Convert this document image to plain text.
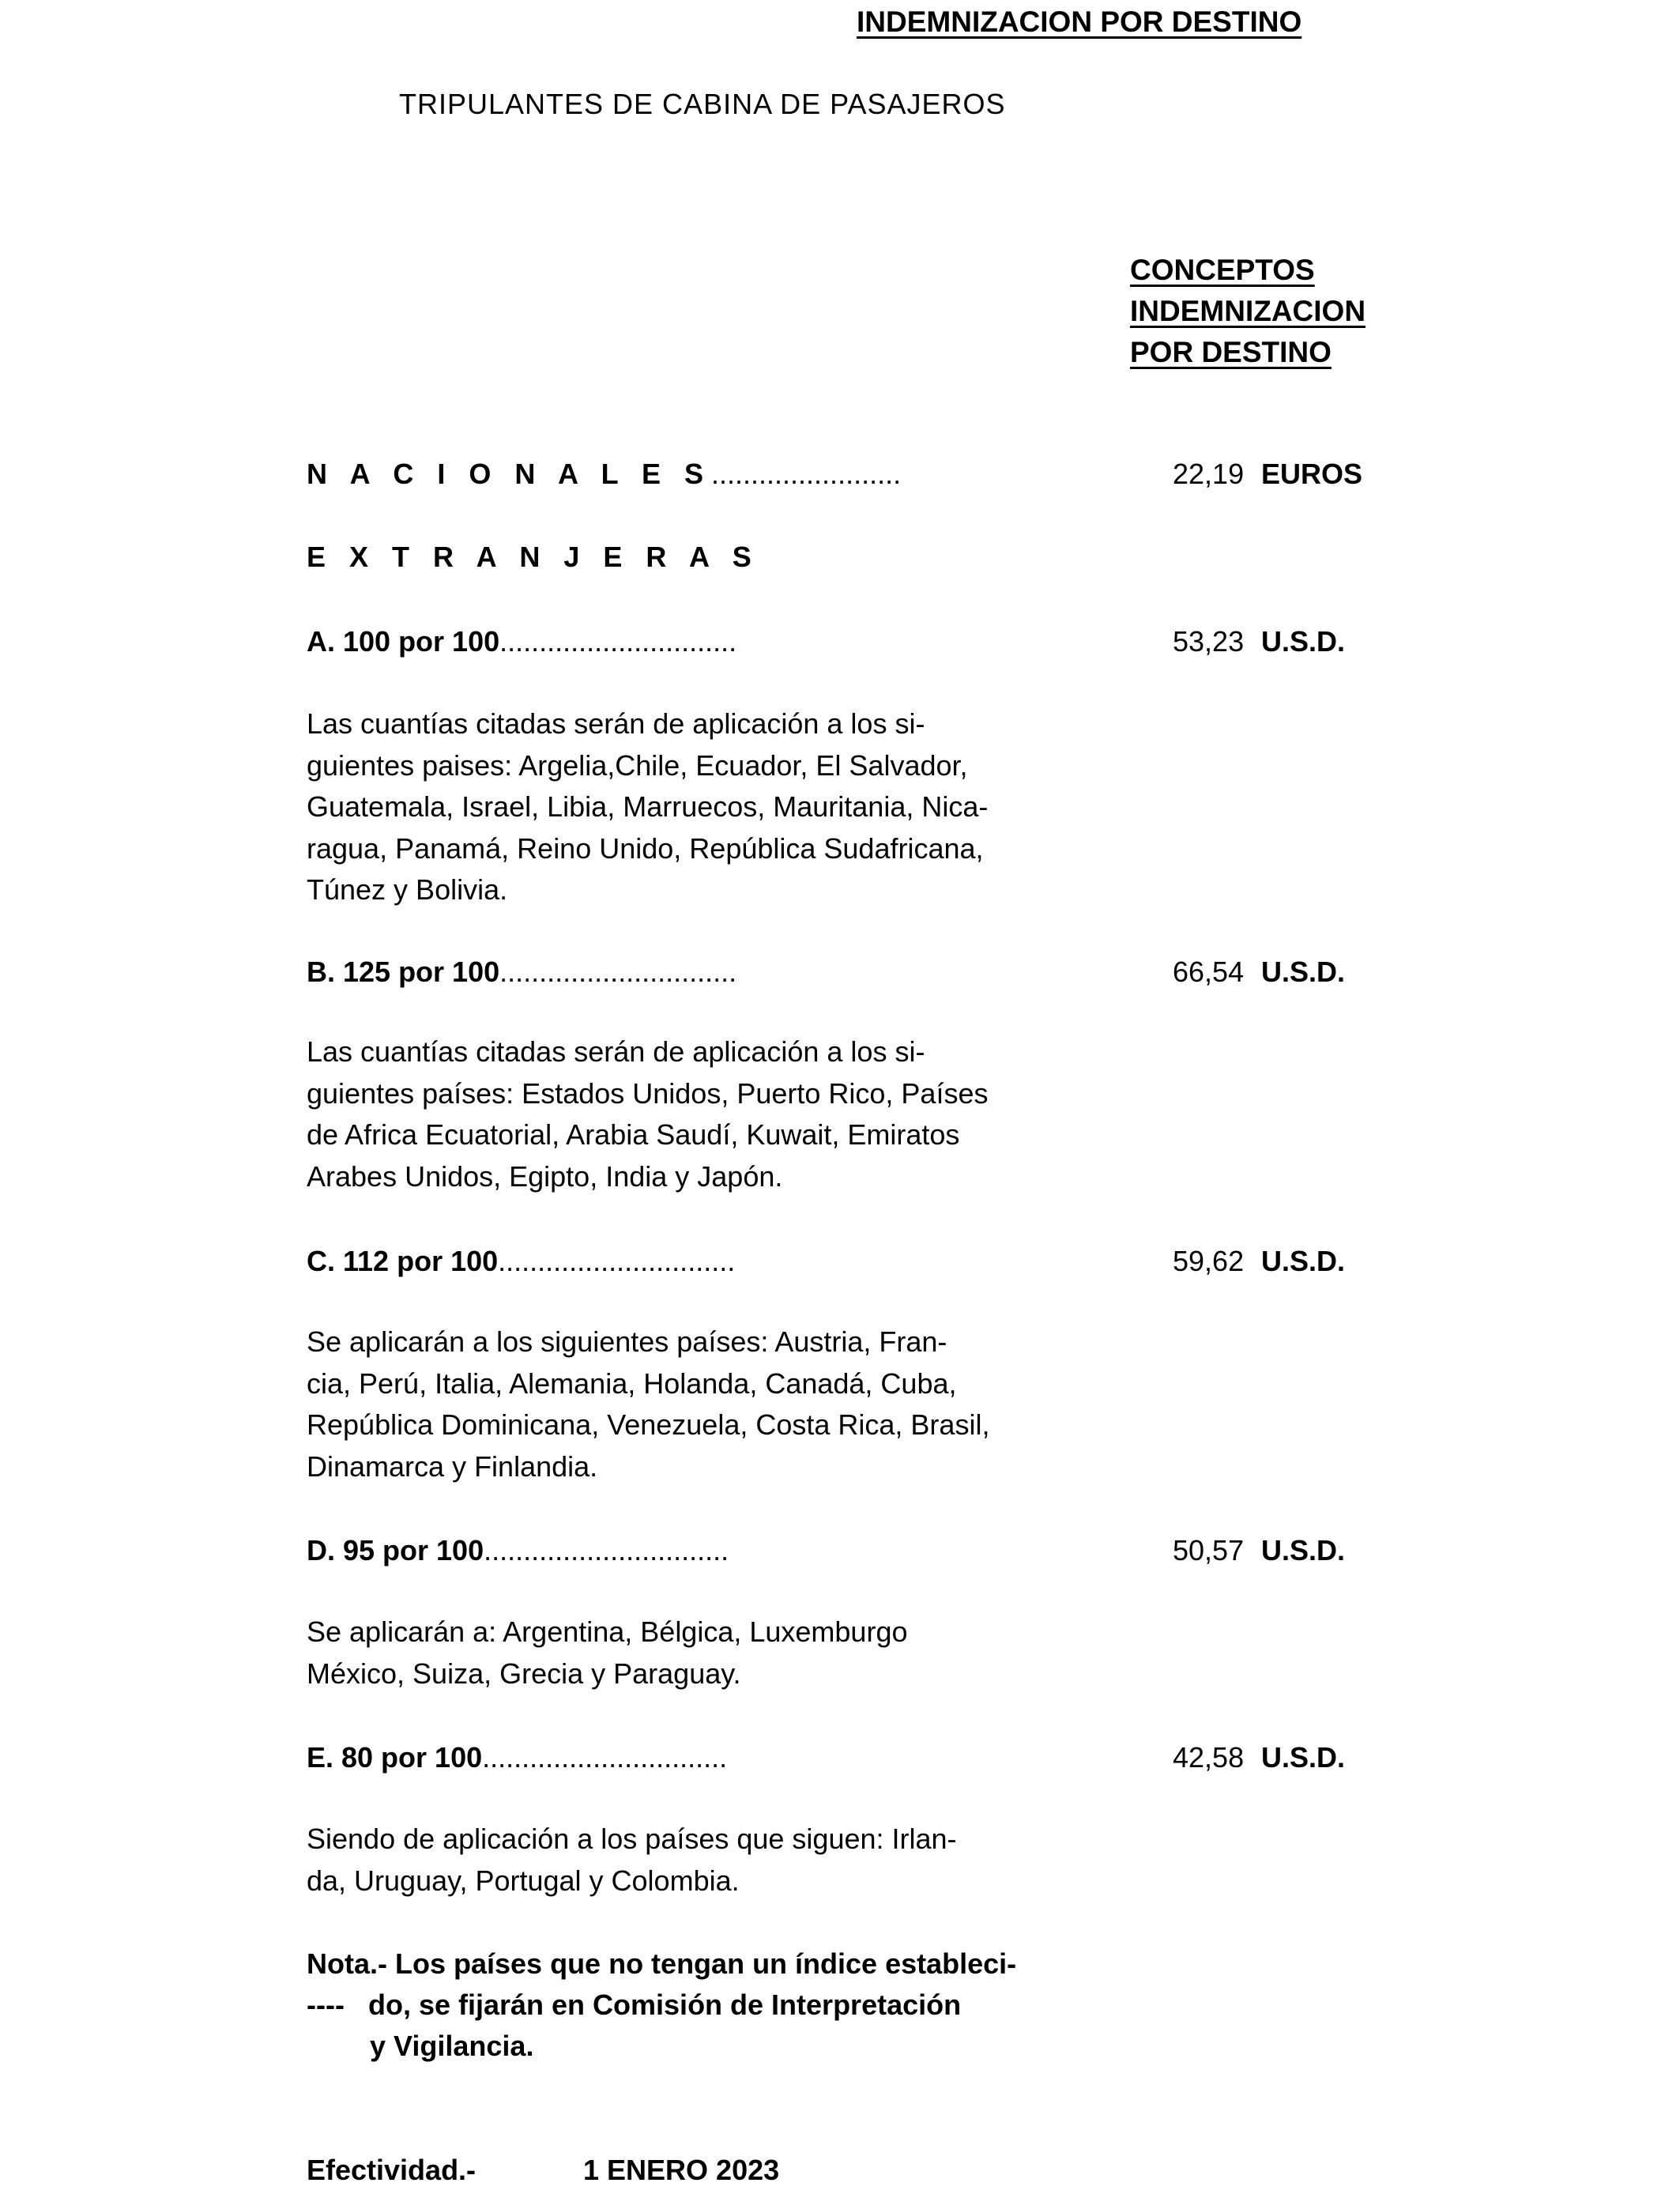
INDEMNIZACION POR DESTINO
TRIPULANTES DE CABINA DE PASAJEROS
CONCEPTOS
INDEMNIZACION
POR DESTINO
N A C I O N A L E S........................	22,19 EUROS
E X T R A N J E R A S
A. 100 por 100..............................	53,23 U.S.D.
Las cuantías citadas serán de aplicación a los si-
guientes paises: Argelia,Chile, Ecuador, El Salvador,
Guatemala, Israel, Libia, Marruecos, Mauritania, Nica-
ragua, Panamá, Reino Unido, República Sudafricana,
Túnez y Bolivia.
B. 125 por 100..............................	66,54 U.S.D.
Las cuantías citadas serán de aplicación a los si-
guientes países: Estados Unidos, Puerto Rico, Países
de Africa Ecuatorial, Arabia Saudí, Kuwait, Emiratos
Arabes Unidos, Egipto, India y Japón.
C. 112 por 100..............................	59,62 U.S.D.
Se aplicarán a los siguientes países: Austria, Fran-
cia, Perú, Italia, Alemania, Holanda, Canadá, Cuba,
República Dominicana, Venezuela, Costa Rica, Brasil,
Dinamarca y Finlandia.
D. 95 por 100...............................	50,57 U.S.D.
Se aplicarán a: Argentina, Bélgica, Luxemburgo
México, Suiza, Grecia y Paraguay.
E. 80 por 100...............................	42,58 U.S.D.
Siendo de aplicación a los países que siguen: Irlan-
da, Uruguay, Portugal y Colombia.
Nota.- Los países que no tengan un índice estableci-
----   do, se fijarán en Comisión de Interpretación
y Vigilancia.
Efectividad.-	1 ENERO 2023
